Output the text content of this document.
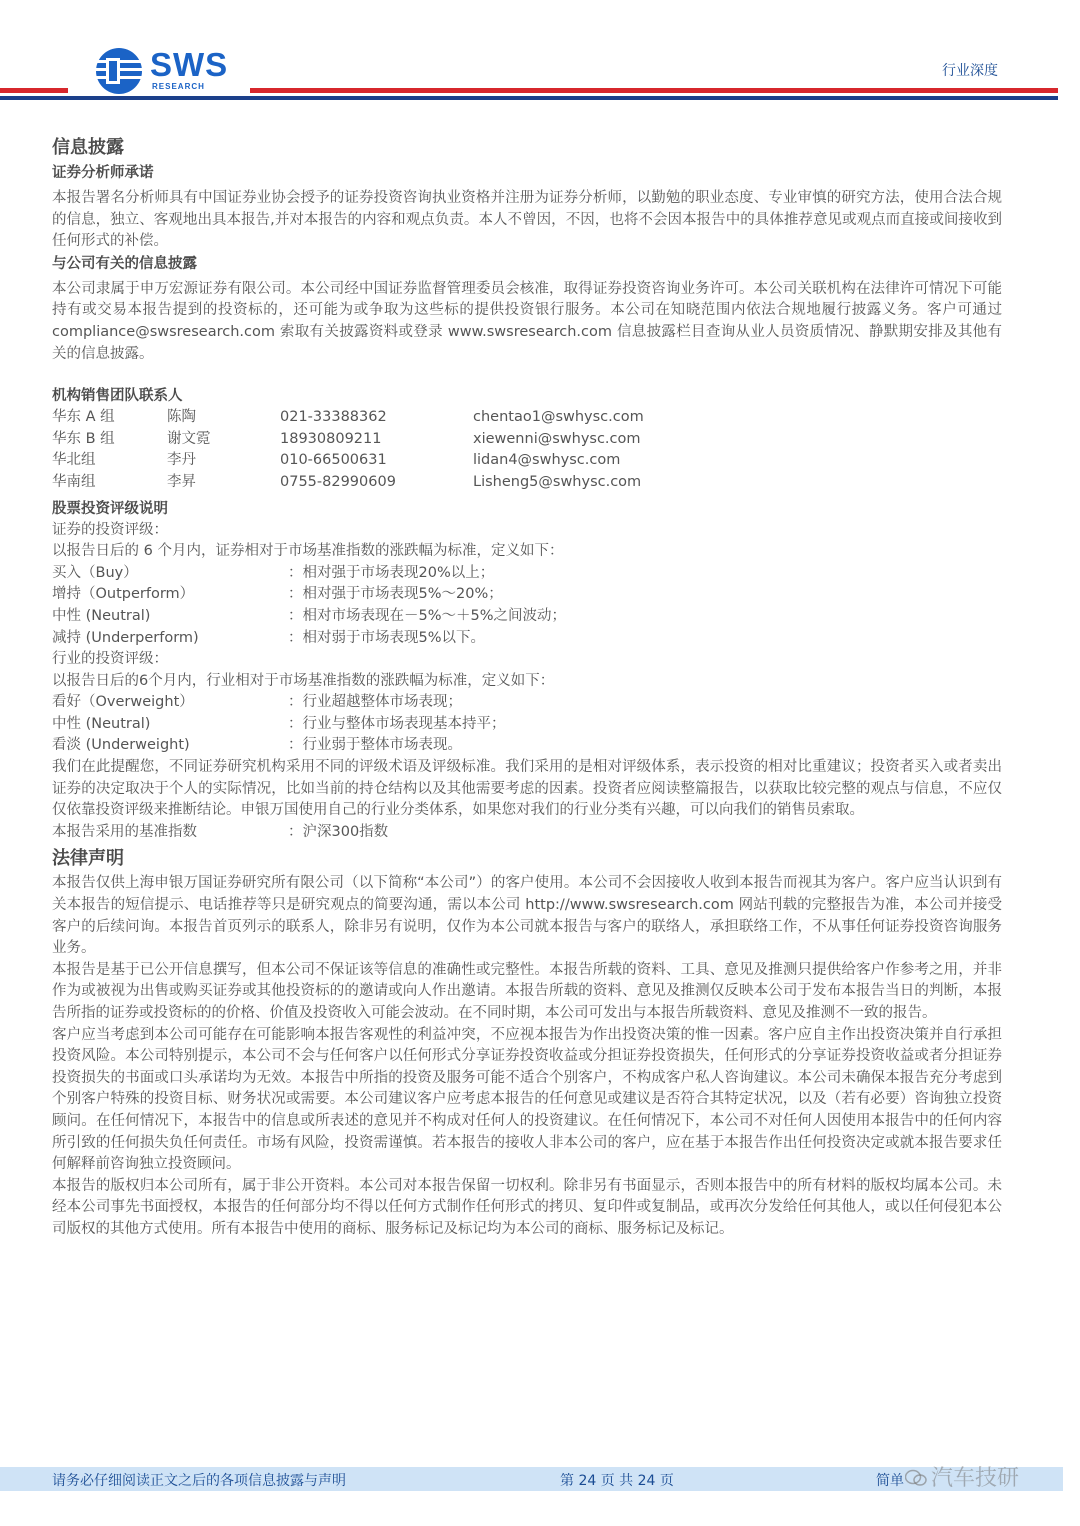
SWS
RESEARCH
行业深度
信息披露
证券分析师承诺

本报告署名分析师具有中国证券业协会授予的证券投资咨询执业资格并注册为证券分析师，以勤勉的职业态度、专业审慎的研究方法，使用合法合规的信息，独立、客观地出具本报告,并对本报告的内容和观点负责。本人不曾因，不因，也将不会因本报告中的具体推荐意见或观点而直接或间接收到任何形式的补偿。

与公司有关的信息披露

本公司隶属于申万宏源证券有限公司。本公司经中国证券监督管理委员会核准，取得证券投资咨询业务许可。本公司关联机构在法律许可情况下可能持有或交易本报告提到的投资标的，还可能为或争取为这些标的提供投资银行服务。本公司在知晓范围内依法合规地履行披露义务。客户可通过 compliance@swsresearch.com 索取有关披露资料或登录 www.swsresearch.com 信息披露栏目查询从业人员资质情况、静默期安排及其他有关的信息披露。

机构销售团队联系人
华东 A 组	陈陶	021-33388362	chentao1@swhysc.com
华东 B 组	谢文霓	18930809211	xiewenni@swhysc.com
华北组	李丹	010-66500631	lidan4@swhysc.com
华南组	李昇	0755-82990609	Lisheng5@swhysc.com
股票投资评级说明

证券的投资评级：

以报告日后的 6 个月内，证券相对于市场基准指数的涨跌幅为标准，定义如下：

买入（Buy）	：相对强于市场表现20%以上；
增持（Outperform）	：相对强于市场表现5%～20%；
中性 (Neutral)	：相对市场表现在－5%～＋5%之间波动；
减持 (Underperform)	：相对弱于市场表现5%以下。

行业的投资评级：

以报告日后的6个月内，行业相对于市场基准指数的涨跌幅为标准，定义如下：

看好（Overweight）	：行业超越整体市场表现；
中性 (Neutral)	：行业与整体市场表现基本持平；
看淡 (Underweight)	：行业弱于整体市场表现。

我们在此提醒您，不同证券研究机构采用不同的评级术语及评级标准。我们采用的是相对评级体系，表示投资的相对比重建议；投资者买入或者卖出证券的决定取决于个人的实际情况，比如当前的持仓结构以及其他需要考虑的因素。投资者应阅读整篇报告，以获取比较完整的观点与信息，不应仅仅依靠投资评级来推断结论。申银万国使用自己的行业分类体系，如果您对我们的行业分类有兴趣，可以向我们的销售员索取。

本报告采用的基准指数	：沪深300指数
法律声明

本报告仅供上海申银万国证券研究所有限公司（以下简称“本公司”）的客户使用。本公司不会因接收人收到本报告而视其为客户。客户应当认识到有关本报告的短信提示、电话推荐等只是研究观点的简要沟通，需以本公司 http://www.swsresearch.com 网站刊载的完整报告为准，本公司并接受客户的后续问询。本报告首页列示的联系人，除非另有说明，仅作为本公司就本报告与客户的联络人，承担联络工作，不从事任何证券投资咨询服务业务。

本报告是基于已公开信息撰写，但本公司不保证该等信息的准确性或完整性。本报告所载的资料、工具、意见及推测只提供给客户作参考之用，并非作为或被视为出售或购买证券或其他投资标的的邀请或向人作出邀请。本报告所载的资料、意见及推测仅反映本公司于发布本报告当日的判断，本报告所指的证券或投资标的的价格、价值及投资收入可能会波动。在不同时期，本公司可发出与本报告所载资料、意见及推测不一致的报告。

客户应当考虑到本公司可能存在可能影响本报告客观性的利益冲突，不应视本报告为作出投资决策的惟一因素。客户应自主作出投资决策并自行承担投资风险。本公司特别提示，本公司不会与任何客户以任何形式分享证券投资收益或分担证券投资损失，任何形式的分享证券投资收益或者分担证券投资损失的书面或口头承诺均为无效。本报告中所指的投资及服务可能不适合个别客户，不构成客户私人咨询建议。本公司未确保本报告充分考虑到个别客户特殊的投资目标、财务状况或需要。本公司建议客户应考虑本报告的任何意见或建议是否符合其特定状况，以及（若有必要）咨询独立投资顾问。在任何情况下，本报告中的信息或所表述的意见并不构成对任何人的投资建议。在任何情况下，本公司不对任何人因使用本报告中的任何内容所引致的任何损失负任何责任。市场有风险，投资需谨慎。若本报告的接收人非本公司的客户，应在基于本报告作出任何投资决定或就本报告要求任何解释前咨询独立投资顾问。

本报告的版权归本公司所有，属于非公开资料。本公司对本报告保留一切权利。除非另有书面显示，否则本报告中的所有材料的版权均属本公司。未经本公司事先书面授权，本报告的任何部分均不得以任何方式制作任何形式的拷贝、复印件或复制品，或再次分发给任何其他人，或以任何侵犯本公司版权的其他方式使用。所有本报告中使用的商标、服务标记及标记均为本公司的商标、服务标记及标记。

请务必仔细阅读正文之后的各项信息披露与声明	第 24 页 共 24 页	简单	汽车技研
